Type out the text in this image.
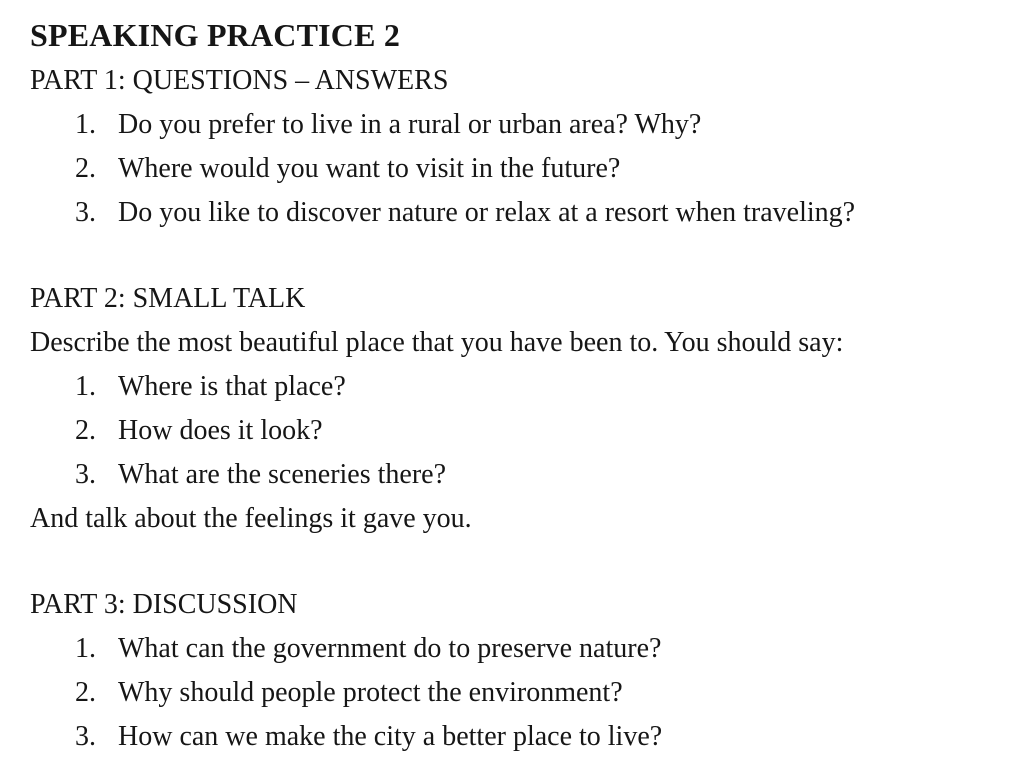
SPEAKING PRACTICE 2
PART 1: QUESTIONS – ANSWERS
1. Do you prefer to live in a rural or urban area? Why?
2. Where would you want to visit in the future?
3. Do you like to discover nature or relax at a resort when traveling?
PART 2: SMALL TALK

Describe the most beautiful place that you have been to. You should say:

1. Where is that place?
2. How does it look?
3. What are the sceneries there?

And talk about the feelings it gave you.

PART 3: DISCUSSION
1. What can the government do to preserve nature?
2. Why should people protect the environment?
3. How can we make the city a better place to live?
